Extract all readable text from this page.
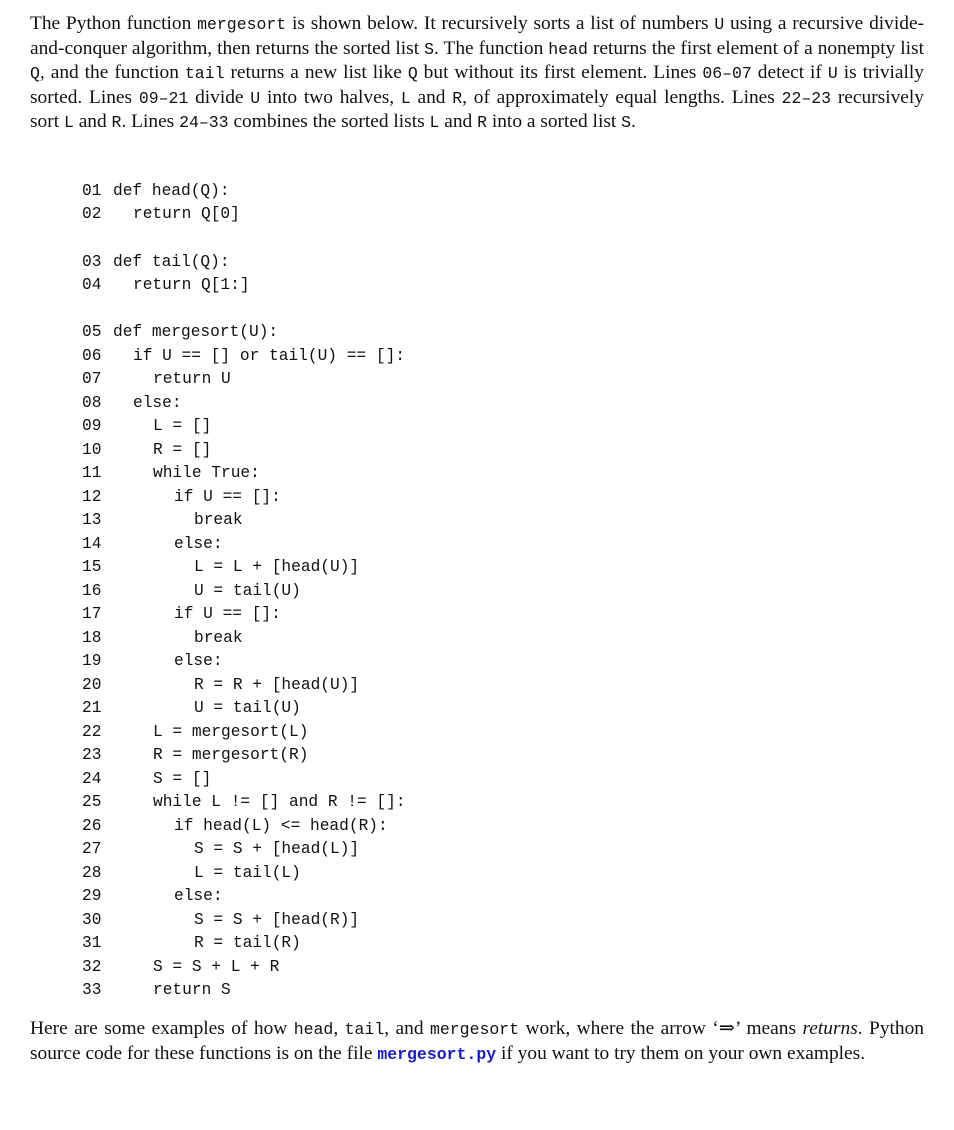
The Python function mergesort is shown below. It recursively sorts a list of numbers U using a recursive divide-and-conquer algorithm, then returns the sorted list S. The function head returns the first element of a nonempty list Q, and the function tail returns a new list like Q but without its first element. Lines 06–07 detect if U is trivially sorted. Lines 09–21 divide U into two halves, L and R, of approximately equal lengths. Lines 22–23 recursively sort L and R. Lines 24–33 combines the sorted lists L and R into a sorted list S.
01 def head(Q):
02 return Q[0]
03 def tail(Q):
04 return Q[1:]
05 def mergesort(U):
06 if U == [] or tail(U) == []:
07	return U
08 else:
09	L = []
10	R = []
11	while True:
12	if U == []:
13	break
14	else:
15	L = L + [head(U)]
16	U = tail(U)
17	if U == []:
18	break
19	else:
20	R = R + [head(U)]
21	U = tail(U)
22	L = mergesort(L)
23	R = mergesort(R)
24	S = []
25	while L != [] and R != []:
26	if head(L) <= head(R):
27	S = S + [head(L)]
28	L = tail(L)
29	else:
30	S = S + [head(R)]
31	R = tail(R)
32	S = S + L + R
33	return S
Here are some examples of how head, tail, and mergesort work, where the arrow ‘⇒’ means returns. Python source code for these functions is on the file mergesort.py if you want to try them on your own examples.
